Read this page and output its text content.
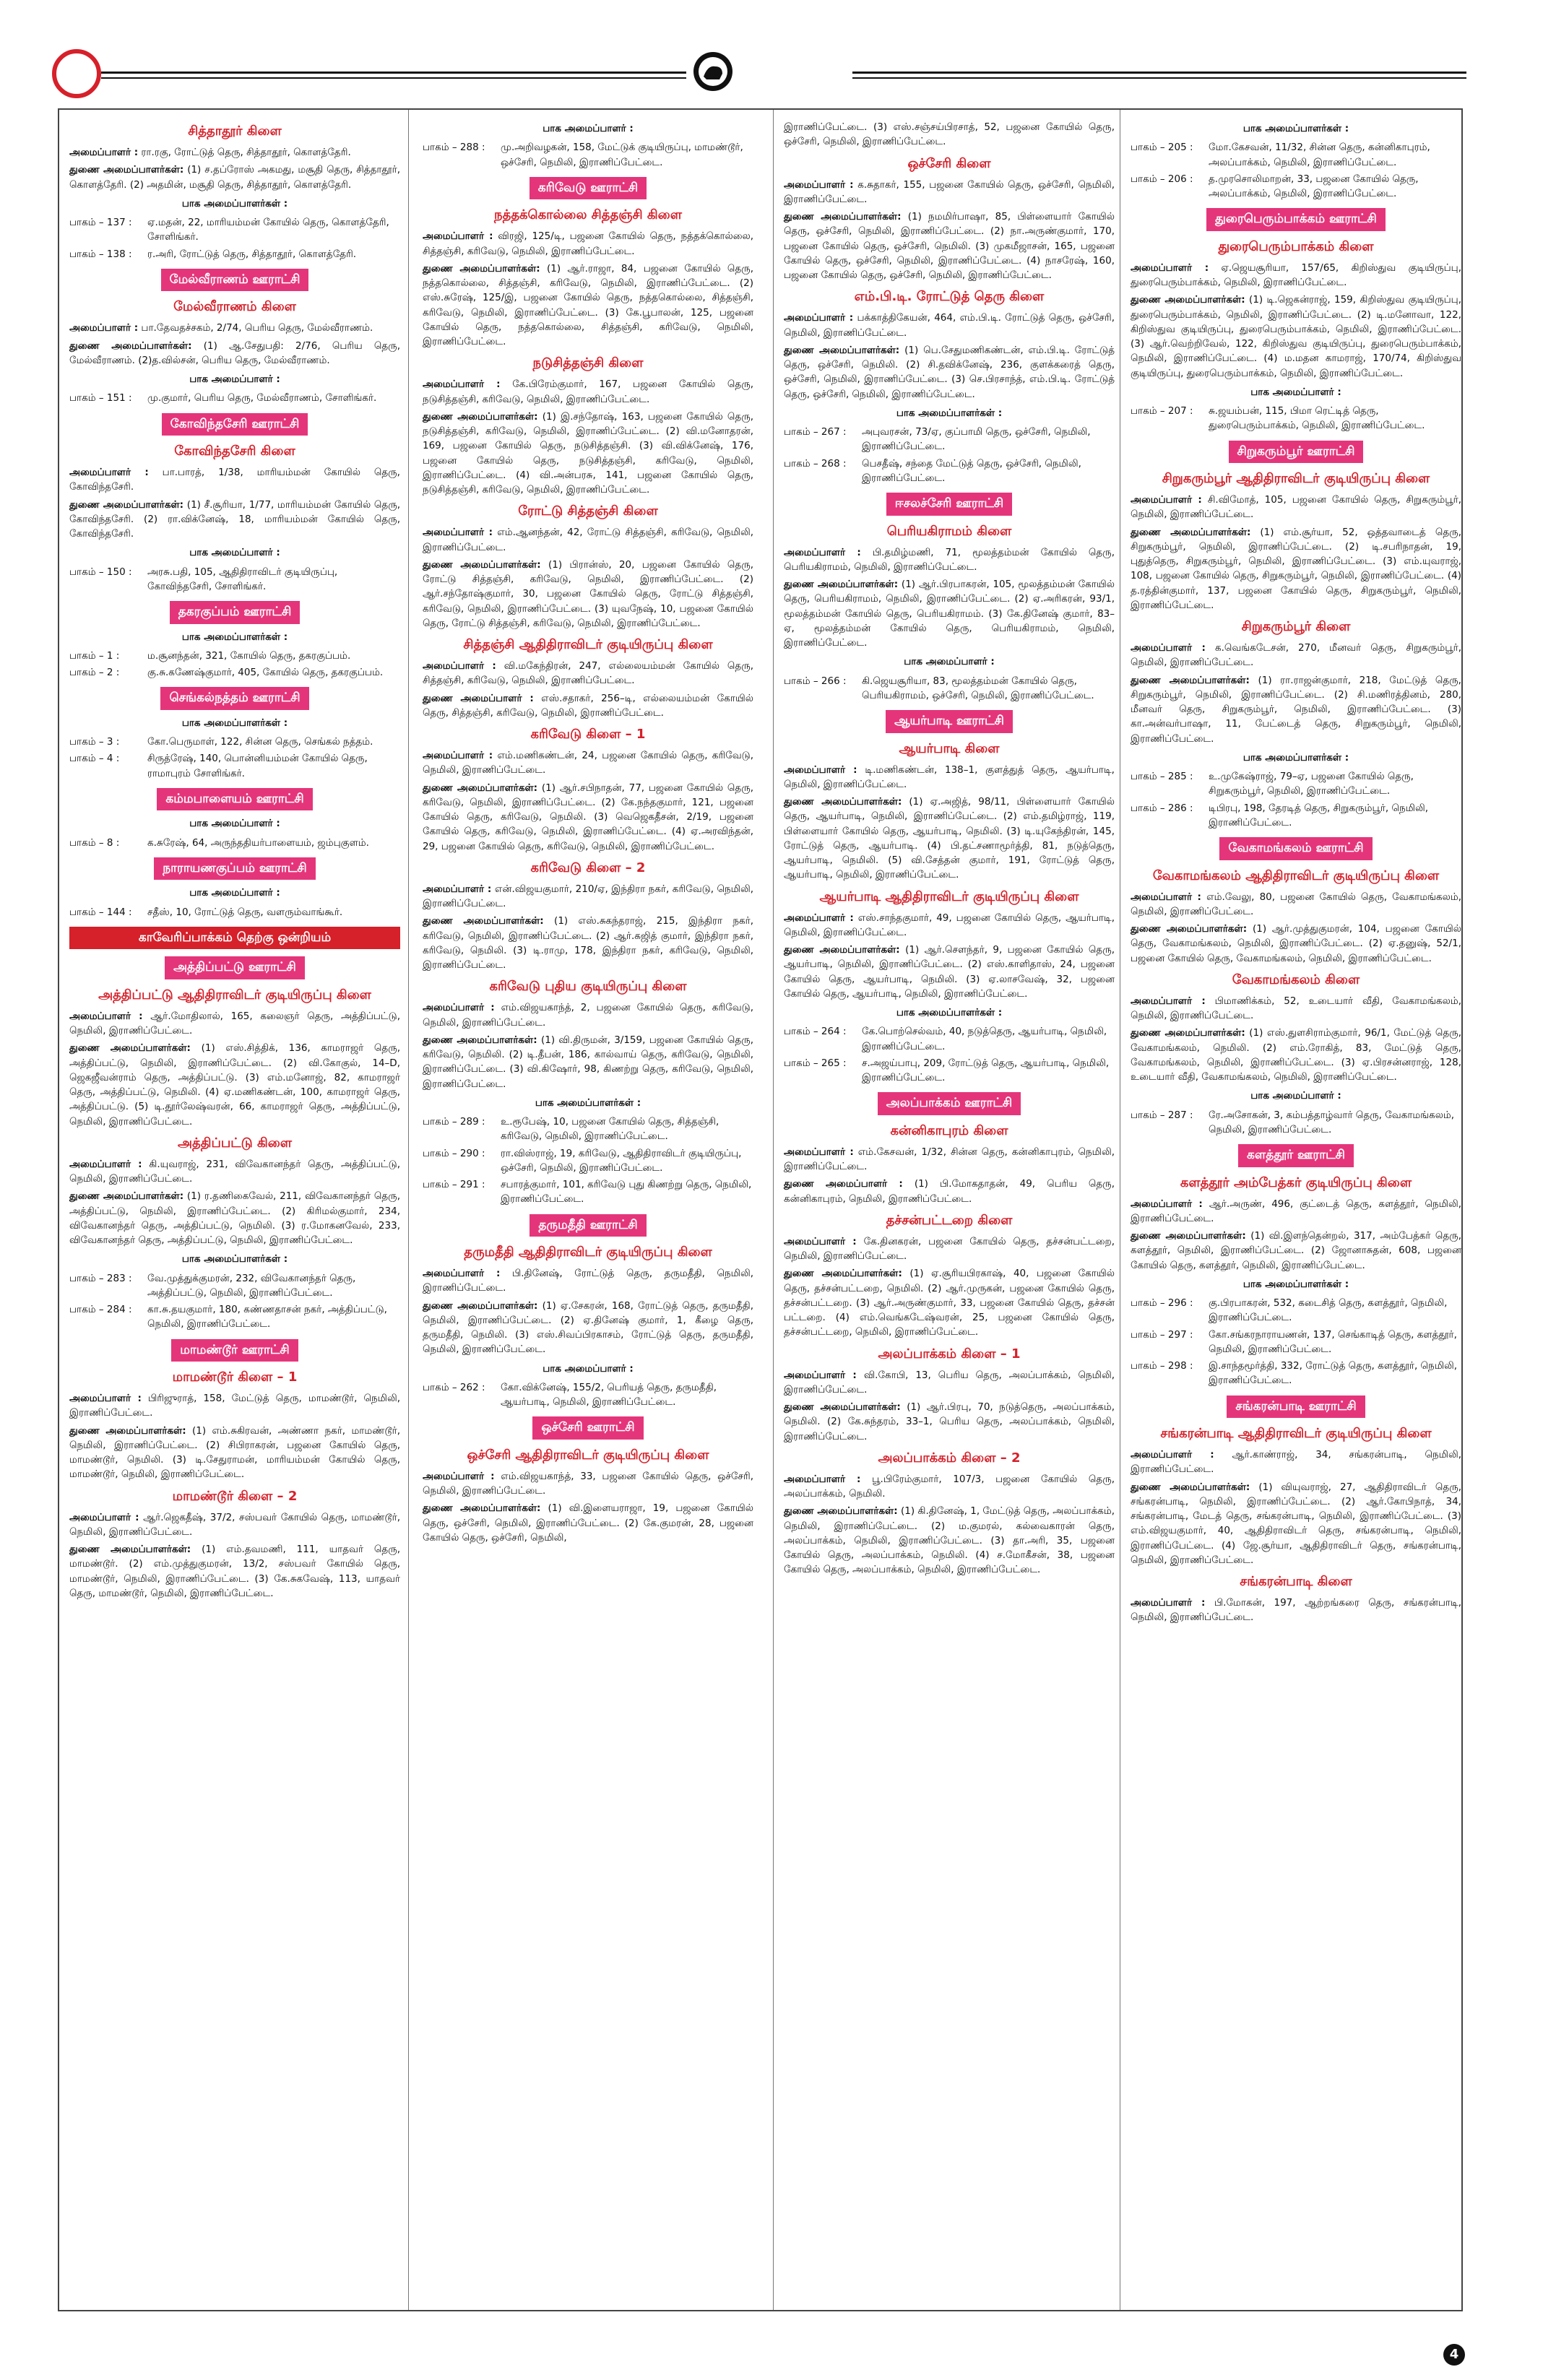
சித்தாதூர் கிளை
அமைப்பாளர் : ரா.ரகு, ரோட்டுத் தெரு, சித்தாதூர், கொளத்தேரி.
துணை அமைப்பாளர்கள்: (1) ச.தப்ரோஸ் அகமது, மசூதி தெரு, சித்தாதூர், கொளத்தேரி. (2) அதமின், மசூதி தெரு, சித்தாதூர், கொளத்தேரி.
பாக அமைப்பாளர்கள் :
பாகம் – 137 :	ஏ.மதன், 22, மாரியம்மன் கோயில் தெரு, கொளத்தேரி, சோளிங்கர்.
பாகம் – 138 :	ர.அரி, ரோட்டுத் தெரு, சித்தாதூர், கொளத்தேரி.
மேல்வீராணம் ஊராட்சி
மேல்வீராணம் கிளை
அமைப்பாளர் : பா.தேவதச்சகம், 2/74, பெரிய தெரு, மேல்வீராணம்.
துணை அமைப்பாளர்கள்: (1) ஆ.சேதுபதி: 2/76, பெரிய தெரு, மேல்வீராணம். (2)த.வில்சன், பெரிய தெரு, மேல்வீராணம்.
பாக அமைப்பாளர் :
பாகம் – 151 :	மு.குமார், பெரிய தெரு, மேல்வீராணம், சோளிங்கர்.
கோவிந்தசேரி ஊராட்சி
கோவிந்தசேரி கிளை
அமைப்பாளர் : பா.பாரத், 1/38, மாரியம்மன் கோயில் தெரு, கோவிந்தசேரி.
துணை அமைப்பாளர்கள்: (1) சீ.சூரியா, 1/77, மாரியம்மன் கோயில் தெரு, கோவிந்தசேரி. (2) ரா.விக்னேஷ், 18, மாரியம்மன் கோயில் தெரு, கோவிந்தசேரி.
பாக அமைப்பாளர் :
பாகம் – 150 :	அரசு.பதி, 105, ஆதிதிராவிடர் குடியிருப்பு, கோவிந்தசேரி, சோளிங்கர்.
தகரகுப்பம் ஊராட்சி
பாக அமைப்பாளர்கள் :
பாகம் – 1 :	ம.சூனந்தன், 321, கோயில் தெரு, தகரகுப்பம்.
பாகம் – 2 :	கு.சு.கணேஷ்குமார், 405, கோயில் தெரு, தகரகுப்பம்.
செங்கல்நத்தம் ஊராட்சி
பாக அமைப்பாளர்கள் :
பாகம் – 3 :	கோ.பெருமாள், 122, சின்ன தெரு, செங்கல் நத்தம்.
பாகம் – 4 :	சிருத்ரேஷ், 140, பொன்னியம்மன் கோயில் தெரு, ராமாபுரம் சோளிங்கர்.
கம்மபாளையம் ஊராட்சி
பாக அமைப்பாளர் :
பாகம் – 8 :	க.சுரேஷ், 64, அருந்ததியர்பாளையம், ஜம்புகுளம்.
நாராயணகுப்பம் ஊராட்சி
பாக அமைப்பாளர் :
பாகம் – 144 :	சதீஸ், 10, ரோட்டுத் தெரு, வளரும்வாங்கூர்.
காவேரிப்பாக்கம் தெற்கு ஒன்றியம்
அத்திப்பட்டு ஊராட்சி
அத்திப்பட்டு ஆதிதிராவிடர் குடியிருப்பு கிளை
அமைப்பாளர் : ஆர்.மோதிலால், 165, கலைஞர் தெரு, அத்திப்பட்டு, நெமிலி, இராணிப்பேட்டை.
துணை அமைப்பாளர்கள்: (1) எஸ்.சித்திக், 136, காமராஜர் தெரு, அத்திப்பட்டு, நெமிலி, இராணிப்பேட்டை. (2) வி.கோகுல், 14–D, ஜெகஜீவன்ராம் தெரு, அத்திப்பட்டு. (3) எம்.மனோஜ், 82, காமராஜர் தெரு, அத்திப்பட்டு, நெமிலி. (4) ஏ.மணிகண்டன், 100, காமராஜர் தெரு, அத்திப்பட்டு. (5) டி.தூர்லேஷ்வரன், 66, காமராஜர் தெரு, அத்திப்பட்டு, நெமிலி, இராணிப்பேட்டை.
அத்திப்பட்டு கிளை
அமைப்பாளர் : கி.யுவராஜ், 231, விவேகானந்தர் தெரு, அத்திப்பட்டு, நெமிலி, இராணிப்பேட்டை.
துணை அமைப்பாளர்கள்: (1) ர.தணிகைவேல், 211, விவேகானந்தர் தெரு, அத்திப்பட்டு, நெமிலி, இராணிப்பேட்டை. (2) கிரிமல்குமார், 234, விவேகானந்தர் தெரு, அத்திப்பட்டு, நெமிலி. (3) ர.மோகனவேல், 233, விவேகானந்தர் தெரு, அத்திப்பட்டு, நெமிலி, இராணிப்பேட்டை.
பாக அமைப்பாளர்கள் :
பாகம் – 283 :	வே.முத்துக்குமரன், 232, விவேகானந்தர் தெரு, அத்திப்பட்டு, நெமிலி, இராணிப்பேட்டை.
பாகம் – 284 :	கா.சு.தயகுமார், 180, கண்ணதாசன் நகர், அத்திப்பட்டு, நெமிலி, இராணிப்பேட்டை.
மாமண்டூர் ஊராட்சி
மாமண்டூர் கிளை – 1
அமைப்பாளர் : பிரிஜுராத், 158, மேட்டுத் தெரு, மாமண்டூர், நெமிலி, இராணிப்பேட்டை.
துணை அமைப்பாளர்கள்: (1) எம்.சுகிரவன், அண்ணா நகர், மாமண்டூர், நெமிலி, இராணிப்பேட்டை. (2) சிபிராகரன், பஜனை கோயில் தெரு, மாமண்டூர், நெமிலி. (3) டி.சேதுராமன், மாரியம்மன் கோயில் தெரு, மாமண்டூர், நெமிலி, இராணிப்பேட்டை.
மாமண்டூர் கிளை – 2
அமைப்பாளர் : ஆர்.ஜெகதீஷ், 37/2, சஸ்பவர் கோயில் தெரு, மாமண்டூர், நெமிலி, இராணிப்பேட்டை.
துணை அமைப்பாளர்கள்: (1) எம்.தவமணி, 111, யாதவர் தெரு, மாமண்டூர். (2) எம்.முத்துகுமரன், 13/2, சஸ்பவர் கோயில் தெரு, மாமண்டூர், நெமிலி, இராணிப்பேட்டை. (3) கே.சுகவேஷ், 113, யாதவர் தெரு, மாமண்டூர், நெமிலி, இராணிப்பேட்டை.
பாக அமைப்பாளர் :
பாகம் – 288 :	மு.அறிவழகன், 158, மேட்டுக் குடியிருப்பு, மாமண்டூர், ஒச்சேரி, நெமிலி, இராணிப்பேட்டை.
கரிவேடு ஊராட்சி
நத்தக்கொல்லை சித்தஞ்சி கிளை
அமைப்பாளர் : விரஜி, 125/டி, பஜனை கோயில் தெரு, நத்தக்கொல்லை, சித்தஞ்சி, கரிவேடு, நெமிலி, இராணிப்பேட்டை.
துணை அமைப்பாளர்கள்: (1) ஆர்.ராஜா, 84, பஜனை கோயில் தெரு, நத்தகொல்லை, சித்தஞ்சி, கரிவேடு, நெமிலி, இராணிப்பேட்டை. (2) எஸ்.சுரேஷ், 125/இ, பஜனை கோயில் தெரு, நத்தகொல்லை, சித்தஞ்சி, கரிவேடு, நெமிலி, இராணிப்பேட்டை. (3) கே.பூபாலன், 125, பஜனை கோயில் தெரு, நத்தகொல்லை, சித்தஞ்சி, கரிவேடு, நெமிலி, இராணிப்பேட்டை.
நடுசித்தஞ்சி கிளை
அமைப்பாளர் : கே.பிரேம்குமார், 167, பஜனை கோயில் தெரு, நடுசித்தஞ்சி, கரிவேடு, நெமிலி, இராணிப்பேட்டை.
துணை அமைப்பாளர்கள்: (1) இ.சந்தோஷ், 163, பஜனை கோயில் தெரு, நடுசித்தஞ்சி, கரிவேடு, நெமிலி, இராணிப்பேட்டை. (2) வி.மனோதரன், 169, பஜனை கோயில் தெரு, நடுசித்தஞ்சி. (3) வி.விக்னேஷ், 176, பஜனை கோயில் தெரு, நடுசித்தஞ்சி, கரிவேடு, நெமிலி, இராணிப்பேட்டை. (4) வி.அன்பரசு, 141, பஜனை கோயில் தெரு, நடுசித்தஞ்சி, கரிவேடு, நெமிலி, இராணிப்பேட்டை.
ரோட்டு சித்தஞ்சி கிளை
அமைப்பாளர் : எம்.ஆனந்தன், 42, ரோட்டு சித்தஞ்சி, கரிவேடு, நெமிலி, இராணிப்பேட்டை.
துணை அமைப்பாளர்கள்: (1) பிரான்ஸ், 20, பஜனை கோயில் தெரு, ரோட்டு சித்தஞ்சி, கரிவேடு, நெமிலி, இராணிப்பேட்டை. (2) ஆர்.சந்தோஷ்குமார், 30, பஜனை கோயில் தெரு, ரோட்டு சித்தஞ்சி, கரிவேடு, நெமிலி, இராணிப்பேட்டை. (3) யுவநேஷ், 10, பஜனை கோயில் தெரு, ரோட்டு சித்தஞ்சி, கரிவேடு, நெமிலி, இராணிப்பேட்டை.
சித்தஞ்சி ஆதிதிராவிடர் குடியிருப்பு கிளை
அமைப்பாளர் : வி.மகேந்திரன், 247, எல்லையம்மன் கோயில் தெரு, சித்தஞ்சி, கரிவேடு, நெமிலி, இராணிப்பேட்டை.
துணை அமைப்பாளர் : எஸ்.சதாகர், 256–டி, எல்லையம்மன் கோயில் தெரு, சித்தஞ்சி, கரிவேடு, நெமிலி, இராணிப்பேட்டை.
கரிவேடு கிளை – 1
அமைப்பாளர் : எம்.மணிகண்டன், 24, பஜனை கோயில் தெரு, கரிவேடு, நெமிலி, இராணிப்பேட்டை.
துணை அமைப்பாளர்கள்: (1) ஆர்.சபிநாதன், 77, பஜனை கோயில் தெரு, கரிவேடு, நெமிலி, இராணிப்பேட்டை. (2) கே.நந்தகுமார், 121, பஜனை கோயில் தெரு, கரிவேடு, நெமிலி. (3) வெஜெகதீசன், 2/19, பஜனை கோயில் தெரு, கரிவேடு, நெமிலி, இராணிப்பேட்டை. (4) ஏ.அரவிந்தன், 29, பஜனை கோயில் தெரு, கரிவேடு, நெமிலி, இராணிப்பேட்டை.
கரிவேடு கிளை – 2
அமைப்பாளர் : என்.விஜயகுமார், 210/ஏ, இந்திரா நகர், கரிவேடு, நெமிலி, இராணிப்பேட்டை.
துணை அமைப்பாளர்கள்: (1) எஸ்.சுகந்தராஜ், 215, இந்திரா நகர், கரிவேடு, நெமிலி, இராணிப்பேட்டை. (2) ஆர்.கஜித் குமார், இந்திரா நகர், கரிவேடு, நெமிலி. (3) டி.ராமு, 178, இந்திரா நகர், கரிவேடு, நெமிலி, இராணிப்பேட்டை.
கரிவேடு புதிய குடியிருப்பு கிளை
அமைப்பாளர் : எம்.விஜயகாந்த், 2, பஜனை கோயில் தெரு, கரிவேடு, நெமிலி, இராணிப்பேட்டை.
துணை அமைப்பாளர்கள்: (1) வி.திருமன், 3/159, பஜனை கோயில் தெரு, கரிவேடு, நெமிலி. (2) டி.தீபன், 186, கால்வாய் தெரு, கரிவேடு, நெமிலி, இராணிப்பேட்டை. (3) வி.கிஷோர், 98, கிணற்று தெரு, கரிவேடு, நெமிலி, இராணிப்பேட்டை.
பாக அமைப்பாளர்கள் :
பாகம் – 289 :	உ.ரூபேஷ், 10, பஜனை கோயில் தெரு, சித்தஞ்சி, கரிவேடு, நெமிலி, இராணிப்பேட்டை.
பாகம் – 290 :	ரா.விஸ்ராஜ், 19, கரிவேடு, ஆதிதிராவிடர் குடியிருப்பு, ஒச்சேரி, நெமிலி, இராணிப்பேட்டை.
பாகம் – 291 :	சபாரத்குமார், 101, கரிவேடு புது கிணற்று தெரு, நெமிலி, இராணிப்பேட்டை.
தருமதீதி ஊராட்சி
தருமதீதி ஆதிதிராவிடர் குடியிருப்பு கிளை
அமைப்பாளர் : பி.தினேஷ், ரோட்டுத் தெரு, தருமதீதி, நெமிலி, இராணிப்பேட்டை.
துணை அமைப்பாளர்கள்: (1) ஏ.சேகரன், 168, ரோட்டுத் தெரு, தருமதீதி, நெமிலி, இராணிப்பேட்டை. (2) ஏ.தினேஷ் குமார், 1, கீழை தெரு, தருமதீதி, நெமிலி. (3) எஸ்.சிவப்பிரகாசம், ரோட்டுத் தெரு, தருமதீதி, நெமிலி, இராணிப்பேட்டை.
பாக அமைப்பாளர் :
பாகம் – 262 :	கோ.விக்னேஷ், 155/2, பெரியத் தெரு, தருமதீதி, ஆயர்பாடி, நெமிலி, இராணிப்பேட்டை.
ஒச்சேரி ஊராட்சி
ஒச்சேரி ஆதிதிராவிடர் குடியிருப்பு கிளை
அமைப்பாளர் : எம்.விஜயகாந்த், 33, பஜனை கோயில் தெரு, ஒச்சேரி, நெமிலி, இராணிப்பேட்டை.
துணை அமைப்பாளர்கள்: (1) வி.இளையராஜா, 19, பஜனை கோயில் தெரு, ஒச்சேரி, நெமிலி, இராணிப்பேட்டை. (2) கே.குமரன், 28, பஜனை கோயில் தெரு, ஒச்சேரி, நெமிலி,
இராணிப்பேட்டை. (3) எஸ்.சஞ்சய்பிரசாத், 52, பஜனை கோயில் தெரு, ஒச்சேரி, நெமிலி, இராணிப்பேட்டை.
ஒச்சேரி கிளை
அமைப்பாளர் : க.சுதாகர், 155, பஜனை கோயில் தெரு, ஒச்சேரி, நெமிலி, இராணிப்பேட்டை.
துணை அமைப்பாளர்கள்: (1) நமமிர்பாஷா, 85, பிள்ளையார் கோயில் தெரு, ஒச்சேரி, நெமிலி, இராணிப்பேட்டை. (2) நா.அருண்குமார், 170, பஜனை கோயில் தெரு, ஒச்சேரி, நெமிலி. (3) முகமீஜாசன், 165, பஜனை கோயில் தெரு, ஒச்சேரி, நெமிலி, இராணிப்பேட்டை. (4) நாசரேஷ், 160, பஜனை கோயில் தெரு, ஒச்சேரி, நெமிலி, இராணிப்பேட்டை.
எம்.பி.டி. ரோட்டுத் தெரு கிளை
அமைப்பாளர் : பக்காத்திகேயன், 464, எம்.பி.டி. ரோட்டுத் தெரு, ஒச்சேரி, நெமிலி, இராணிப்பேட்டை.
துணை அமைப்பாளர்கள்: (1) பெ.சேதுமணிகண்டன், எம்.பி.டி. ரோட்டுத் தெரு, ஒச்சேரி, நெமிலி. (2) சி.தவிக்னேஷ், 236, குளக்கரைத் தெரு, ஒச்சேரி, நெமிலி, இராணிப்பேட்டை. (3) செ.பிரசாந்த், எம்.பி.டி. ரோட்டுத் தெரு, ஒச்சேரி, நெமிலி, இராணிப்பேட்டை.
பாக அமைப்பாளர்கள் :
பாகம் – 267 :	அபுவரசன், 73/ஏ, குப்பாமி தெரு, ஒச்சேரி, நெமிலி, இராணிப்பேட்டை.
பாகம் – 268 :	பெசதீஷ், சந்தை மேட்டுத் தெரு, ஒச்சேரி, நெமிலி, இராணிப்பேட்டை.
ஈசலச்சேரி ஊராட்சி
பெரியகிராமம் கிளை
அமைப்பாளர் : பி.தமிழ்மணி, 71, மூலத்தம்மன் கோயில் தெரு, பெரியகிராமம், நெமிலி, இராணிப்பேட்டை.
துணை அமைப்பாளர்கள்: (1) ஆர்.பிரபாகரன், 105, மூலத்தம்மன் கோயில் தெரு, பெரியகிராமம், நெமிலி, இராணிப்பேட்டை. (2) ஏ.அரிகரன், 93/1, மூலத்தம்மன் கோயில் தெரு, பெரியகிராமம். (3) கே.தினேஷ் குமார், 83–ஏ, மூலத்தம்மன் கோயில் தெரு, பெரியகிராமம், நெமிலி, இராணிப்பேட்டை.
பாக அமைப்பாளர் :
பாகம் – 266 :	கி.ஜெயசூரியா, 83, மூலத்தம்மன் கோயில் தெரு, பெரியகிராமம், ஒச்சேரி, நெமிலி, இராணிப்பேட்டை.
ஆயர்பாடி ஊராட்சி
ஆயர்பாடி கிளை
அமைப்பாளர் : டி.மணிகண்டன், 138–1, குளத்துத் தெரு, ஆயர்பாடி, நெமிலி, இராணிப்பேட்டை.
துணை அமைப்பாளர்கள்: (1) ஏ.அஜித், 98/11, பிள்ளையார் கோயில் தெரு, ஆயர்பாடி, நெமிலி, இராணிப்பேட்டை. (2) எம்.தமிழ்ராஜ், 119, பிள்ளையார் கோயில் தெரு, ஆயர்பாடி, நெமிலி. (3) டி.யுகேந்திரன், 145, ரோட்டுத் தெரு, ஆயர்பாடி. (4) பி.தட்சணாமூர்த்தி, 81, நடுத்தெரு, ஆயர்பாடி, நெமிலி. (5) வி.சேத்தன் குமார், 191, ரோட்டுத் தெரு, ஆயர்பாடி, நெமிலி, இராணிப்பேட்டை.
ஆயர்பாடி ஆதிதிராவிடர் குடியிருப்பு கிளை
அமைப்பாளர் : எஸ்.சாந்தகுமார், 49, பஜனை கோயில் தெரு, ஆயர்பாடி, நெமிலி, இராணிப்பேட்டை.
துணை அமைப்பாளர்கள்: (1) ஆர்.சௌந்தர், 9, பஜனை கோயில் தெரு, ஆயர்பாடி, நெமிலி, இராணிப்பேட்டை. (2) எஸ்.காளிதாஸ், 24, பஜனை கோயில் தெரு, ஆயர்பாடி, நெமிலி. (3) ஏ.லாசவேஷ், 32, பஜனை கோயில் தெரு, ஆயர்பாடி, நெமிலி, இராணிப்பேட்டை.
பாக அமைப்பாளர்கள் :
பாகம் – 264 :	கே.பொற்செல்வம், 40, நடுத்தெரு, ஆயர்பாடி, நெமிலி, இராணிப்பேட்டை.
பாகம் – 265 :	ச.அஜய்பாபு, 209, ரோட்டுத் தெரு, ஆயர்பாடி, நெமிலி, இராணிப்பேட்டை.
அலப்பாக்கம் ஊராட்சி
கன்னிகாபுரம் கிளை
அமைப்பாளர் : எம்.கேசவன், 1/32, சின்ன தெரு, கன்னிகாபுரம், நெமிலி, இராணிப்பேட்டை.
துணை அமைப்பாளர் : (1) பி.மோகதாதன், 49, பெரிய தெரு, கன்னிகாபுரம், நெமிலி, இராணிப்பேட்டை.
தச்சன்பட்டறை கிளை
அமைப்பாளர் : கே.தினகரன், பஜனை கோயில் தெரு, தச்சன்பட்டறை, நெமிலி, இராணிப்பேட்டை.
துணை அமைப்பாளர்கள்: (1) ஏ.சூரியபிரகாஷ், 40, பஜனை கோயில் தெரு, தச்சன்பட்டறை, நெமிலி. (2) ஆர்.முருகன், பஜனை கோயில் தெரு, தச்சன்பட்டறை. (3) ஆர்.அருண்குமார், 33, பஜனை கோயில் தெரு, தச்சன் பட்டறை. (4) எம்.வெங்கடேஷ்வரன், 25, பஜனை கோயில் தெரு, தச்சன்பட்டறை, நெமிலி, இராணிப்பேட்டை.
அலப்பாக்கம் கிளை – 1
அமைப்பாளர் : வி.கோபி, 13, பெரிய தெரு, அலப்பாக்கம், நெமிலி, இராணிப்பேட்டை.
துணை அமைப்பாளர்கள்: (1) ஆர்.பிரபு, 70, நடுத்தெரு, அலப்பாக்கம், நெமிலி. (2) கே.சுந்தரம், 33–1, பெரிய தெரு, அலப்பாக்கம், நெமிலி, இராணிப்பேட்டை.
அலப்பாக்கம் கிளை – 2
அமைப்பாளர் : பூ.பிரேம்குமார், 107/3, பஜனை கோயில் தெரு, அலப்பாக்கம், நெமிலி.
துணை அமைப்பாளர்கள்: (1) கி.தினேஷ், 1, மேட்டுத் தெரு, அலப்பாக்கம், நெமிலி, இராணிப்பேட்டை. (2) ம.குமரல், கல்வைகாரன் தெரு, அலப்பாக்கம், நெமிலி, இராணிப்பேட்டை. (3) தா.அரி, 35, பஜனை கோயில் தெரு, அலப்பாக்கம், நெமிலி. (4) ச.மோகீசன், 38, பஜனை கோயில் தெரு, அலப்பாக்கம், நெமிலி, இராணிப்பேட்டை.
பாக அமைப்பாளர்கள் :
பாகம் – 205 :	மோ.கேசவன், 11/32, சின்ன தெரு, கன்னிகாபுரம், அலப்பாக்கம், நெமிலி, இராணிப்பேட்டை.
பாகம் – 206 :	த.முரசொலிமாறன், 33, பஜனை கோயில் தெரு, அலப்பாக்கம், நெமிலி, இராணிப்பேட்டை.
துரைபெரும்பாக்கம் ஊராட்சி
துரைபெரும்பாக்கம் கிளை
அமைப்பாளர் : ஏ.ஜெயசூரியா, 157/65, கிறிஸ்துவ குடியிருப்பு, துரைபெரும்பாக்கம், நெமிலி, இராணிப்பேட்டை.
துணை அமைப்பாளர்கள்: (1) டி.ஜெகன்ராஜ், 159, கிறிஸ்துவ குடியிருப்பு, துரைபெரும்பாக்கம், நெமிலி, இராணிப்பேட்டை. (2) டி.மனோவா, 122, கிறிஸ்துவ குடியிருப்பு, துரைபெரும்பாக்கம், நெமிலி, இராணிப்பேட்டை. (3) ஆர்.வெற்றிவேல், 122, கிறிஸ்துவ குடியிருப்பு, துரைபெரும்பாக்கம், நெமிலி, இராணிப்பேட்டை. (4) ம.மதன காமராஜ், 170/74, கிறிஸ்துவ குடியிருப்பு, துரைபெரும்பாக்கம், நெமிலி, இராணிப்பேட்டை.
பாக அமைப்பாளர் :
பாகம் – 207 :	சு.ஜயம்பன், 115, பிமா ரெட்டித் தெரு, துரைபெரும்பாக்கம், நெமிலி, இராணிப்பேட்டை.
சிறுகரும்பூர் ஊராட்சி
சிறுகரும்பூர் ஆதிதிராவிடர் குடியிருப்பு கிளை
அமைப்பாளர் : சி.விமோத், 105, பஜனை கோயில் தெரு, சிறுகரும்பூர், நெமிலி, இராணிப்பேட்டை.
துணை அமைப்பாளர்கள்: (1) எம்.சூர்யா, 52, ஒத்தவாடைத் தெரு, சிறுகரும்பூர், நெமிலி, இராணிப்பேட்டை. (2) டி.சபரிநாதன், 19, புதுத்தெரு, சிறுகரும்பூர், நெமிலி, இராணிப்பேட்டை. (3) எம்.யுவராஜ், 108, பஜனை கோயில் தெரு, சிறுகரும்பூர், நெமிலி, இராணிப்பேட்டை. (4) த.ரத்தின்குமார், 137, பஜனை கோயில் தெரு, சிறுகரும்பூர், நெமிலி, இராணிப்பேட்டை.
சிறுகரும்பூர் கிளை
அமைப்பாளர் : க.வெங்கடேசன், 270, மீனவர் தெரு, சிறுகரும்பூர், நெமிலி, இராணிப்பேட்டை.
துணை அமைப்பாளர்கள்: (1) ரா.ராஜன்குமார், 218, மேட்டுத் தெரு, சிறுகரும்பூர், நெமிலி, இராணிப்பேட்டை. (2) சி.மணிரத்தினம், 280, மீனவர் தெரு, சிறுகரும்பூர், நெமிலி, இராணிப்பேட்டை. (3) கா.அன்வர்பாஷா, 11, பேட்டைத் தெரு, சிறுகரும்பூர், நெமிலி, இராணிப்பேட்டை.
பாக அமைப்பாளர்கள் :
பாகம் – 285 :	உ.முகேஷ்ராஜ், 79–ஏ, பஜனை கோயில் தெரு, சிறுகரும்பூர், நெமிலி, இராணிப்பேட்டை.
பாகம் – 286 :	டிபிரபு, 198, தேரடித் தெரு, சிறுகரும்பூர், நெமிலி, இராணிப்பேட்டை.
வேகாமங்கலம் ஊராட்சி
வேகாமங்கலம் ஆதிதிராவிடர் குடியிருப்பு கிளை
அமைப்பாளர் : எம்.வேலு, 80, பஜனை கோயில் தெரு, வேகாமங்கலம், நெமிலி, இராணிப்பேட்டை.
துணை அமைப்பாளர்கள்: (1) ஆர்.முத்துகுமரன், 104, பஜனை கோயில் தெரு, வேகாமங்கலம், நெமிலி, இராணிப்பேட்டை. (2) ஏ.தனுஷ், 52/1, பஜனை கோயில் தெரு, வேகாமங்கலம், நெமிலி, இராணிப்பேட்டை.
வேகாமங்கலம் கிளை
அமைப்பாளர் : பிமாணிக்கம், 52, உடையார் வீதி, வேகாமங்கலம், நெமிலி, இராணிப்பேட்டை.
துணை அமைப்பாளர்கள்: (1) எஸ்.துளசிராம்குமார், 96/1, மேட்டுத் தெரு, வேகாமங்கலம், நெமிலி. (2) எம்.ரோகித், 83, மேட்டுத் தெரு, வேகாமங்கலம், நெமிலி, இராணிப்பேட்டை. (3) ஏ.பிரசன்னராஜ், 128, உடையார் வீதி, வேகாமங்கலம், நெமிலி, இராணிப்பேட்டை.
பாக அமைப்பாளர் :
பாகம் – 287 :	ரே.அசோகன், 3, கம்பத்தாழ்வார் தெரு, வேகாமங்கலம், நெமிலி, இராணிப்பேட்டை.
களத்தூர் ஊராட்சி
களத்தூர் அம்பேத்கர் குடியிருப்பு கிளை
அமைப்பாளர் : ஆர்.அருண், 496, குட்டைத் தெரு, களத்தூர், நெமிலி, இராணிப்பேட்டை.
துணை அமைப்பாளர்கள்: (1) வி.இளந்தென்றல், 317, அம்பேத்கர் தெரு, களத்தூர், நெமிலி, இராணிப்பேட்டை. (2) ஜோனாசுதன், 608, பஜனை கோயில் தெரு, களத்தூர், நெமிலி, இராணிப்பேட்டை.
பாக அமைப்பாளர்கள் :
பாகம் – 296 :	கு.பிரபாகரன், 532, கடைசித் தெரு, களத்தூர், நெமிலி, இராணிப்பேட்டை.
பாகம் – 297 :	கோ.சங்கரநாராயணன், 137, செங்காடித் தெரு, களத்தூர், நெமிலி, இராணிப்பேட்டை.
பாகம் – 298 :	இ.சாந்தமூர்த்தி, 332, ரோட்டுத் தெரு, களத்தூர், நெமிலி, இராணிப்பேட்டை.
சங்கரன்பாடி ஊராட்சி
சங்கரன்பாடி ஆதிதிராவிடர் குடியிருப்பு கிளை
அமைப்பாளர் : ஆர்.காண்ராஜ், 34, சங்கரன்பாடி, நெமிலி, இராணிப்பேட்டை.
துணை அமைப்பாளர்கள்: (1) வியுவராஜ், 27, ஆதிதிராவிடர் தெரு, சங்கரன்பாடி, நெமிலி, இராணிப்பேட்டை. (2) ஆர்.கோபிநாத், 34, சங்கரன்பாடி, மேடத் தெரு, சங்கரன்பாடி, நெமிலி, இராணிப்பேட்டை. (3) எம்.விஜயகுமார், 40, ஆதிதிராவிடர் தெரு, சங்கரன்பாடி, நெமிலி, இராணிப்பேட்டை. (4) ஜே.சூர்யா, ஆதிதிராவிடர் தெரு, சங்கரன்பாடி, நெமிலி, இராணிப்பேட்டை.
சங்கரன்பாடி கிளை
அமைப்பாளர் : பி.மோகன், 197, ஆற்றங்கரை தெரு, சங்கரன்பாடி, நெமிலி, இராணிப்பேட்டை.
4
